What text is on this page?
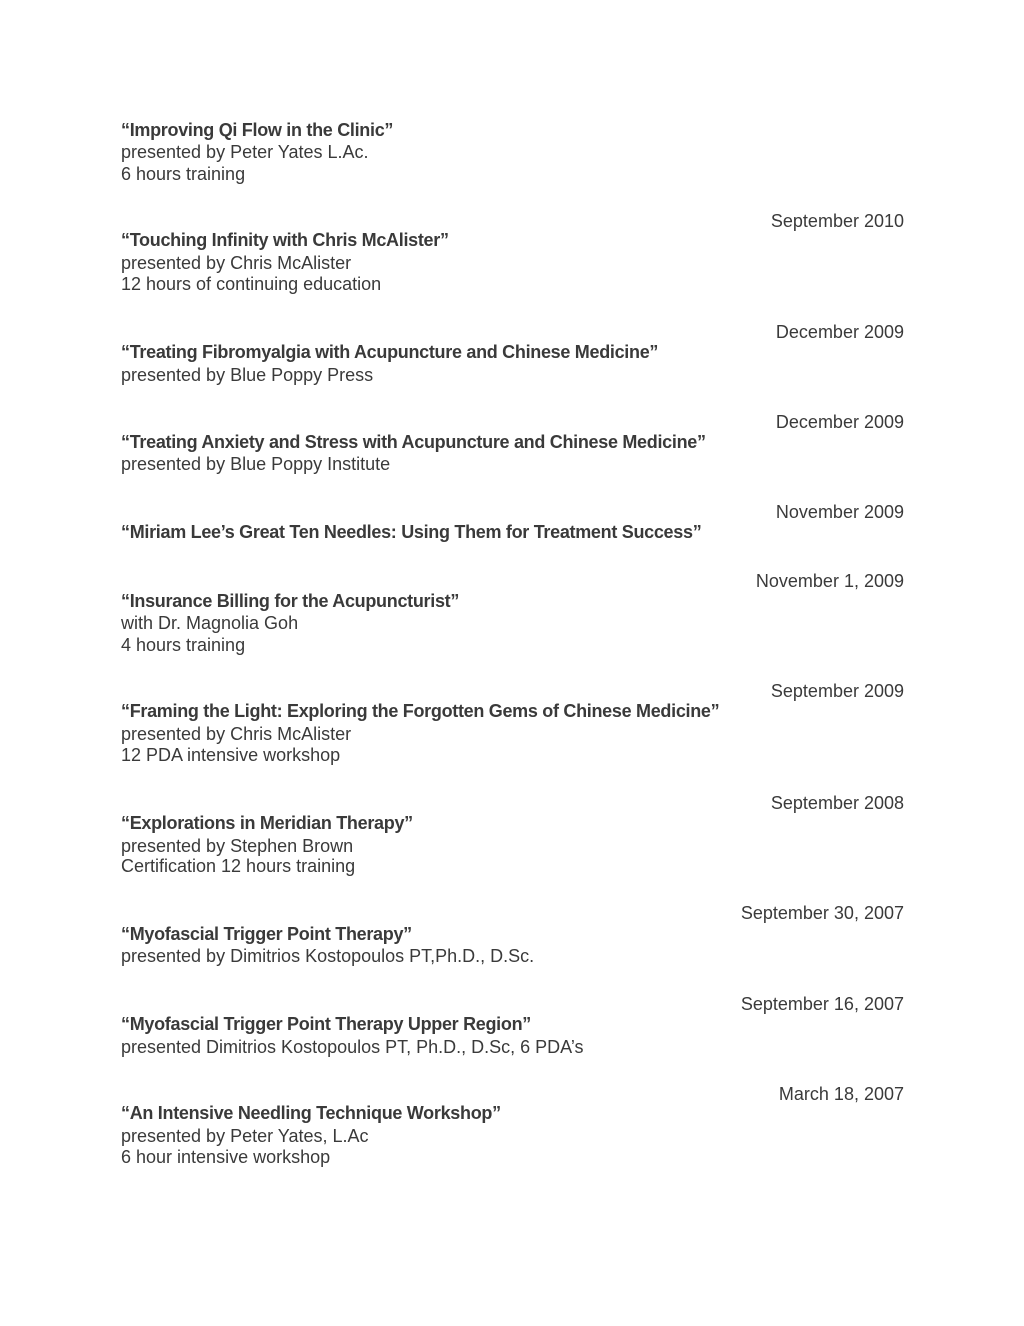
“Improving Qi Flow in the Clinic”
presented by Peter Yates L.Ac.
6 hours training
September 2010
“Touching Infinity with Chris McAlister”
presented by Chris McAlister
12 hours of continuing education
December 2009
“Treating Fibromyalgia with Acupuncture and Chinese Medicine”
presented by Blue Poppy Press
December 2009
“Treating Anxiety and Stress with Acupuncture and Chinese Medicine”
presented by Blue Poppy Institute
November 2009
“Miriam Lee’s Great Ten Needles: Using Them for Treatment Success”
November 1, 2009
“Insurance Billing for the Acupuncturist”
with Dr. Magnolia Goh
4 hours training
September 2009
“Framing the Light: Exploring the Forgotten Gems of Chinese Medicine”
presented by Chris McAlister
12 PDA intensive workshop
September 2008
“Explorations in Meridian Therapy”
presented by Stephen Brown
Certification 12 hours training
September 30, 2007
“Myofascial Trigger Point Therapy”
presented by Dimitrios Kostopoulos PT,Ph.D., D.Sc.
September 16, 2007
“Myofascial Trigger Point Therapy Upper Region”
presented Dimitrios Kostopoulos PT, Ph.D., D.Sc, 6 PDA’s
March 18, 2007
“An Intensive Needling Technique Workshop”
presented by Peter Yates, L.Ac
6 hour intensive workshop
